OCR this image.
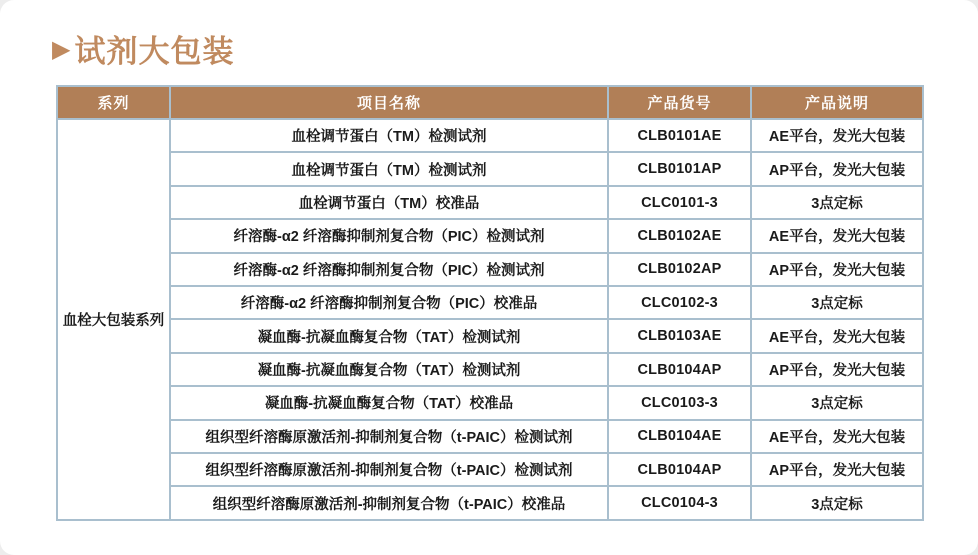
▶ 试剂大包装
系列	项目名称	产品货号	产品说明
血栓大包装系列	血栓调节蛋白（TM）检测试剂	CLB0101AE	AE平台，发光大包装
	血栓调节蛋白（TM）检测试剂	CLB0101AP	AP平台，发光大包装
	血栓调节蛋白（TM）校准品	CLC0101-3	3点定标
	纤溶酶-α2 纤溶酶抑制剂复合物（PIC）检测试剂	CLB0102AE	AE平台，发光大包装
	纤溶酶-α2 纤溶酶抑制剂复合物（PIC）检测试剂	CLB0102AP	AP平台，发光大包装
	纤溶酶-α2 纤溶酶抑制剂复合物（PIC）校准品	CLC0102-3	3点定标
	凝血酶-抗凝血酶复合物（TAT）检测试剂	CLB0103AE	AE平台，发光大包装
	凝血酶-抗凝血酶复合物（TAT）检测试剂	CLB0104AP	AP平台，发光大包装
	凝血酶-抗凝血酶复合物（TAT）校准品	CLC0103-3	3点定标
	组织型纤溶酶原激活剂-抑制剂复合物（t-PAIC）检测试剂	CLB0104AE	AE平台，发光大包装
	组织型纤溶酶原激活剂-抑制剂复合物（t-PAIC）检测试剂	CLB0104AP	AP平台，发光大包装
	组织型纤溶酶原激活剂-抑制剂复合物（t-PAIC）校准品	CLC0104-3	3点定标
